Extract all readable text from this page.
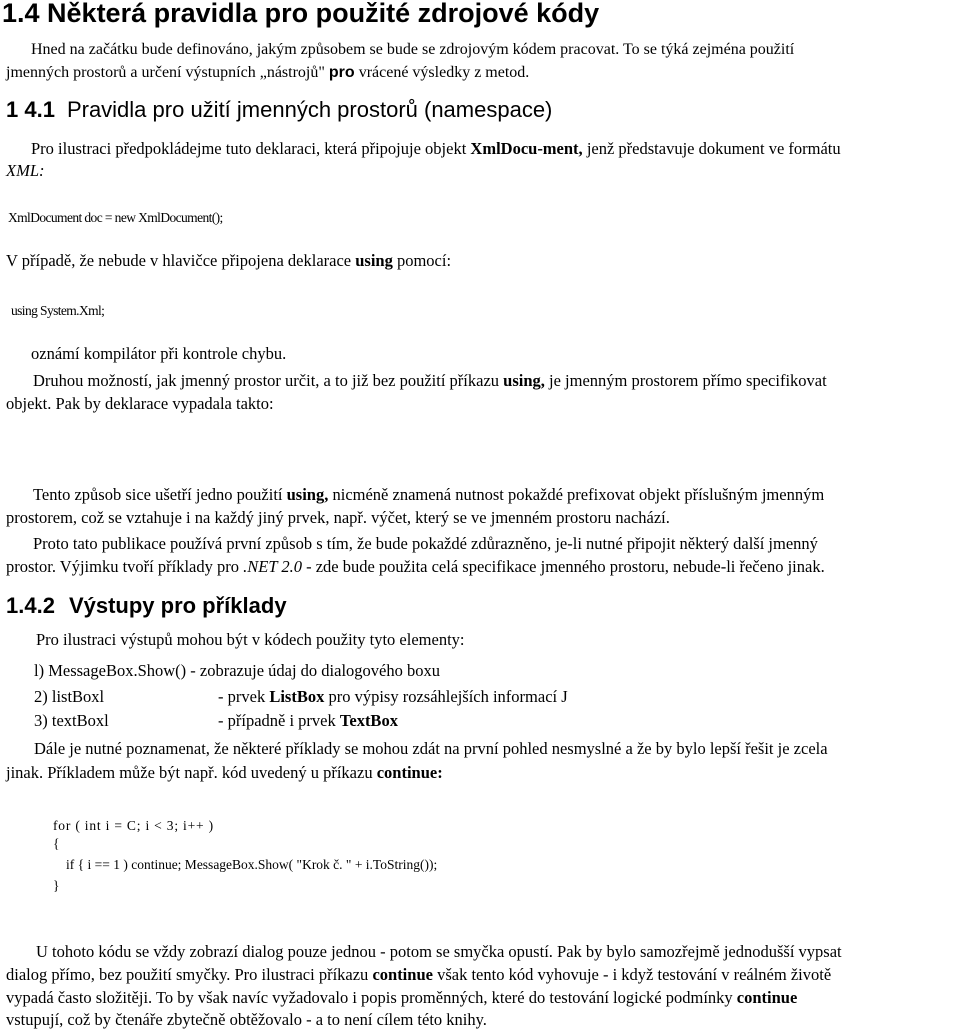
1.4 Některá pravidla pro použité zdrojové kódy
Hned na začátku bude definováno, jakým způsobem se bude se zdrojovým kódem pracovat. To se týká zejména použití
jmenných prostorů a určení výstupních „nástrojů" pro vrácené výsledky z metod.
1 4.1 Pravidla pro užití jmenných prostorů (namespace)
Pro ilustraci předpokládejme tuto deklaraci, která připojuje objekt XmlDocu-ment, jenž představuje dokument ve formátu
XML:
XmlDocument doc = new XmlDocument();
V případě, že nebude v hlavičce připojena deklarace using pomocí:
using System.Xml;
oznámí kompilátor při kontrole chybu.
Druhou možností, jak jmenný prostor určit, a to již bez použití příkazu using, je jmenným prostorem přímo specifikovat
objekt. Pak by deklarace vypadala takto:
Tento způsob sice ušetří jedno použití using, nicméně znamená nutnost pokaždé prefixovat objekt příslušným jmenným
prostorem, což se vztahuje i na každý jiný prvek, např. výčet, který se ve jmenném prostoru nachází.
Proto tato publikace používá první způsob s tím, že bude pokaždé zdůrazněno, je-li nutné připojit některý další jmenný
prostor. Výjimku tvoří příklady pro .NET 2.0 - zde bude použita celá specifikace jmenného prostoru, nebude-li řečeno jinak.
1.4.2 Výstupy pro příklady
Pro ilustraci výstupů mohou být v kódech použity tyto elementy:
l) MessageBox.Show() - zobrazuje údaj do dialogového boxu
2) listBoxl	- prvek ListBox pro výpisy rozsáhlejších informací J
3) textBoxl	- případně i prvek TextBox
Dále je nutné poznamenat, že některé příklady se mohou zdát na první pohled nesmyslné a že by bylo lepší řešit je zcela
jinak. Příkladem může být např. kód uvedený u příkazu continue:
for ( int i = C; i < 3; i++ )
{
if { i == 1 ) continue; MessageBox.Show( "Krok č. " + i.ToString());
}
U tohoto kódu se vždy zobrazí dialog pouze jednou - potom se smyčka opustí. Pak by bylo samozřejmě jednodušší vypsat
dialog přímo, bez použití smyčky. Pro ilustraci příkazu continue však tento kód vyhovuje - i když testování v reálném životě
vypadá často složitěji. To by však navíc vyžadovalo i popis proměnných, které do testování logické podmínky continue
vstupují, což by čtenáře zbytečně obtěžovalo - a to není cílem této knihy.
